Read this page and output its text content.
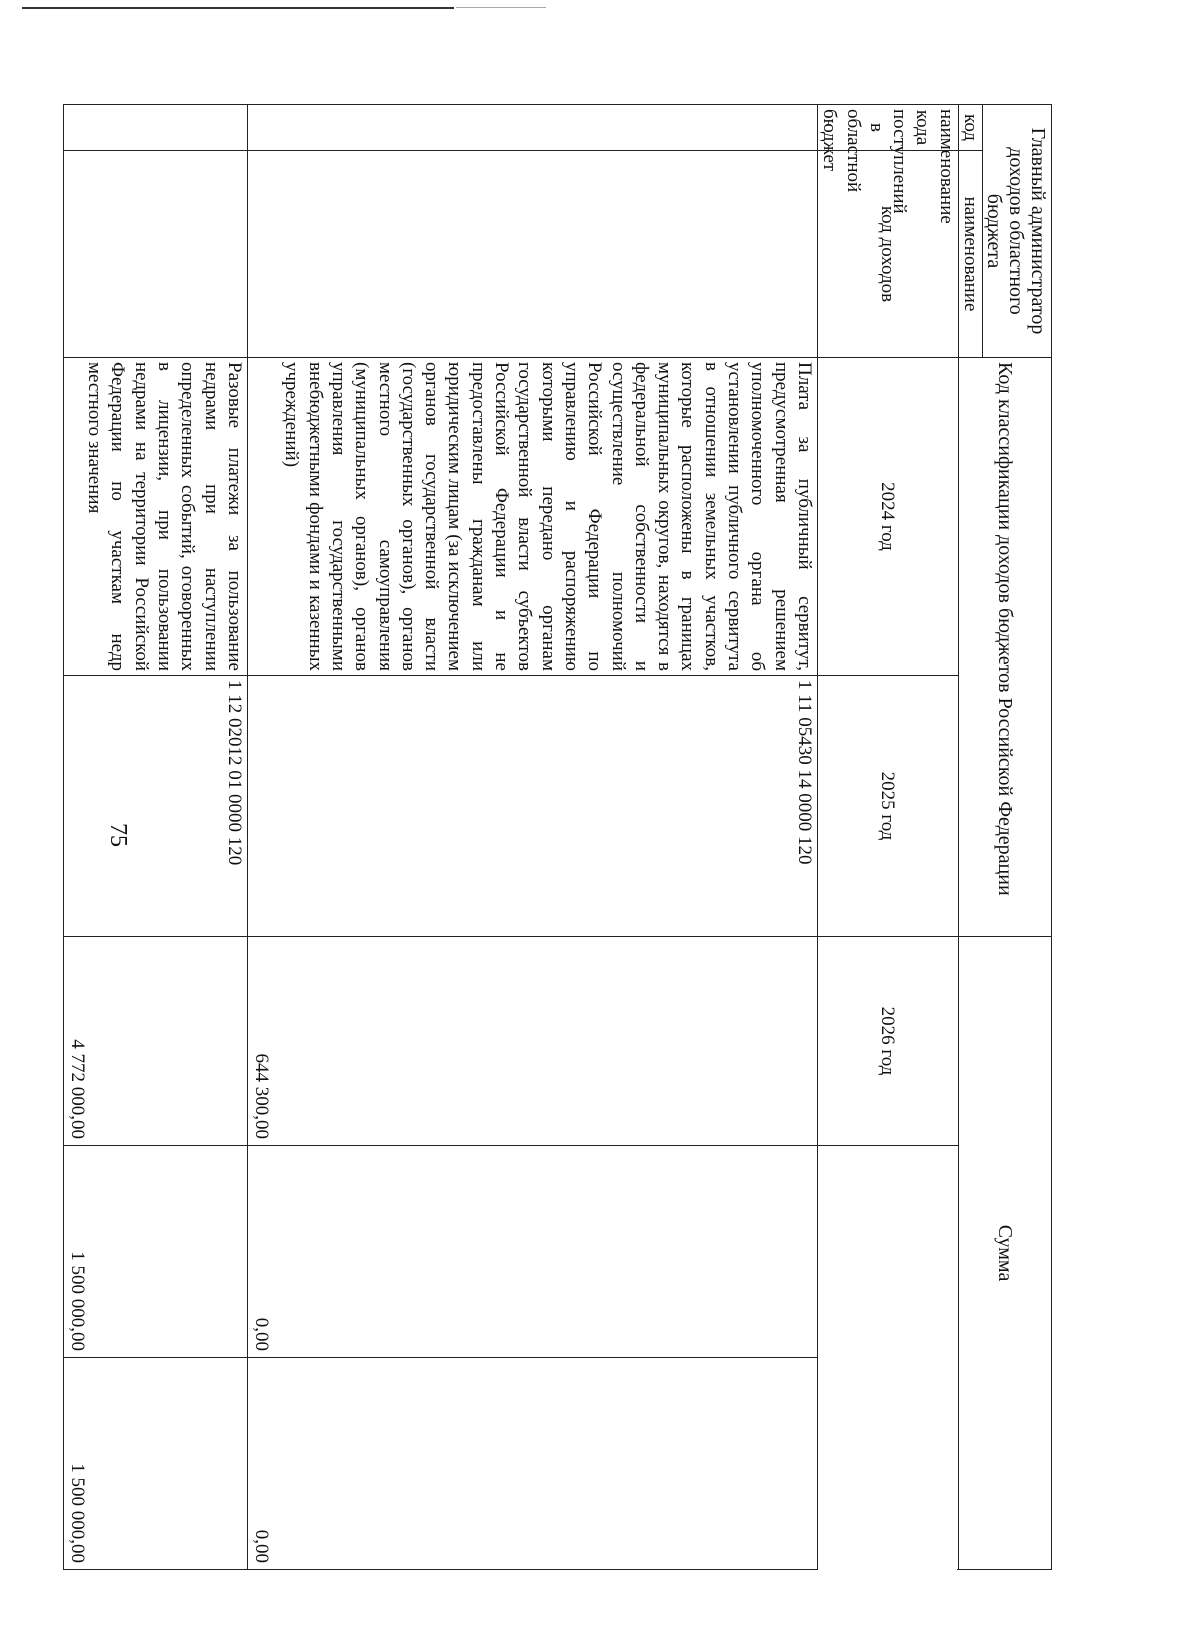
75
Главный администратор доходов областного бюджета		Код классификации доходов бюджетов Российской Федерации		Сумма		
код	наименование					

наименование кода поступлений в областной бюджет	код доходов	2024 год	2025 год	2026 год		
		Плата за публичный сервитут, предусмотренная решением уполномоченного органа об установлении публичного сервитута в отношении земельных участков, которые расположены в границах муниципальных округов, находятся в федеральной собственности и осуществление полномочий Российской Федерации по управлению и распоряжению которыми передано органам государственной власти субъектов Российской Федерации и не предоставлены гражданам или юридическим лицам (за исключением органов государственной власти (государственных органов), органов местного самоуправления (муниципальных органов), органов управления государственными внебюджетными фондами и казенных учреждений)	1 11 05430 14 0000 120	644 300,00	0,00	0,00
		Разовые платежи за пользование недрами при наступлении определенных событий, оговоренных в лицензии, при пользовании недрами на территории Российской Федерации по участкам недр местного значения	1 12 02012 01 0000 120	4 772 000,00	1 500 000,00	1 500 000,00
